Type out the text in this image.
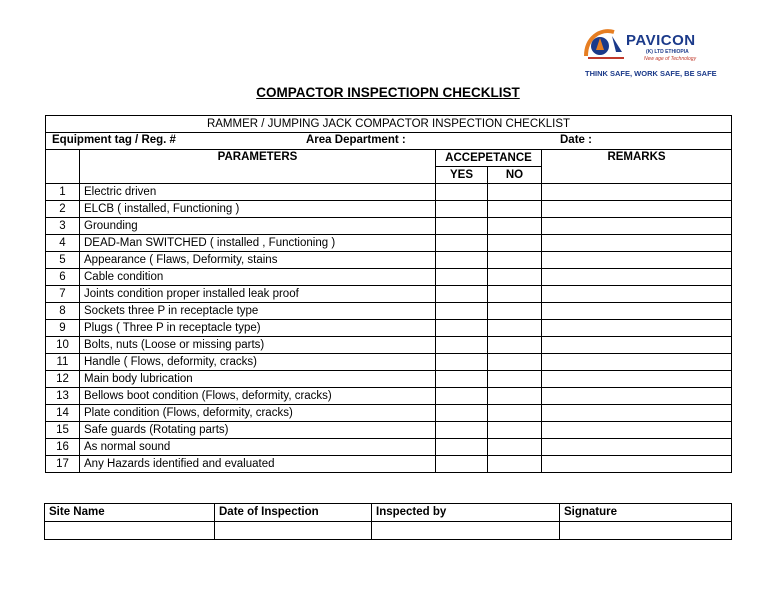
PAVICON
(K) LTD ETHIOPIA
New age of Technology
THINK SAFE, WORK SAFE, BE SAFE
COMPACTOR INSPECTIOPN CHECKLIST
RAMMER / JUMPING JACK COMPACTOR INSPECTION CHECKLIST				

Equipment tag / Reg. # Area Department : Date :				

	PARAMETERS	ACCEPETANCE		REMARKS
		YES	NO	
1	Electric driven			
2	ELCB ( installed, Functioning )			
3	Grounding			
4	DEAD-Man SWITCHED ( installed , Functioning )			
5	Appearance ( Flaws, Deformity, stains			
6	Cable condition			
7	Joints condition proper installed leak proof			
8	Sockets three P in receptacle type			
9	Plugs ( Three P in receptacle type)			
10	Bolts, nuts (Loose or missing parts)			
11	Handle ( Flows, deformity, cracks)			
12	Main body lubrication			
13	Bellows boot condition (Flows, deformity, cracks)			
14	Plate condition (Flows, deformity, cracks)			
15	Safe guards (Rotating parts)			
16	As normal sound			
17	Any Hazards identified and evaluated			
Site Name	Date of Inspection	Inspected by	Signature
